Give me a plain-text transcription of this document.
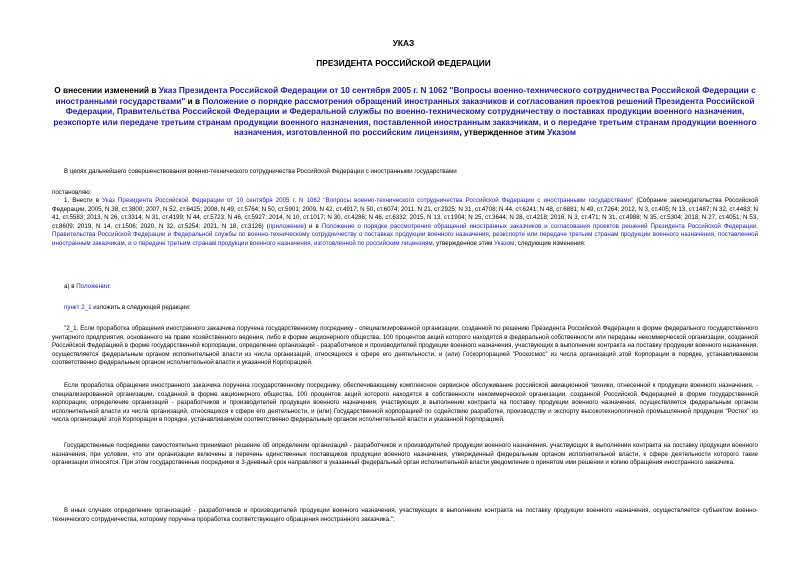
УКАЗ
ПРЕЗИДЕНТА РОССИЙСКОЙ ФЕДЕРАЦИИ
О внесении изменений в Указ Президента Российской Федерации от 10 сентября 2005 г. N 1062 "Вопросы военно-технического сотрудничества Российской Федерации с иностранными государствами" и в Положение о порядке рассмотрения обращений иностранных заказчиков и согласования проектов решений Президента Российской Федерации, Правительства Российской Федерации и Федеральной службы по военно-техническому сотрудничеству о поставках продукции военного назначения, реэкспорте или передаче третьим странам продукции военного назначения, поставленной иностранным заказчикам, и о передаче третьим странам продукции военного назначения, изготовленной по российским лицензиям, утвержденное этим Указом
В целях дальнейшего совершенствования военно-технического сотрудничества Российской Федерации с иностранными государствами
постановляю:
1. Внести в Указ Президента Российской Федерации от 10 сентября 2005 г. N 1062 "Вопросы военно-технического сотрудничества Российской Федерации с иностранными государствами" (Собрание законодательства Российской Федерации, 2005, N 38, ст.3800; 2007, N 52, ст.6425; 2008, N 49, ст.5764; N 50, ст.5901; 2009, N 42, ст.4917; N 50, ст.6074; 2011, N 21, ст.2925; N 31, ст.4708; N 44, ст.6241; N 48, ст.6881; N 49, ст.7264; 2012, N 3, ст.405; N 13, ст.1487; N 32, ст.4483; N 41, ст.5583; 2013, N 26, ст.3314; N 31, ст.4199; N 44, ст.5723; N 46, ст.5927; 2014, N 10, ст.1017; N 30, ст.4286; N 46, ст.6332; 2015, N 13, ст.1904; N 25, ст.3644; N 28, ст.4218; 2016, N 3, ст.471; N 31, ст.4988; N 35, ст.5304; 2018, N 27, ст.4051; N 53, ст.8609; 2019, N 14, ст.1506; 2020, N 32, ст.5254; 2021, N 18, ст.3126) (приложение) и в Положение о порядке рассмотрения обращений иностранных заказчиков и согласования проектов решений Президента Российской Федерации, Правительства Российской Федерации и Федеральной службы по военно-техническому сотрудничеству о поставках продукции военного назначения, реэкспорте или передаче третьим странам продукции военного назначения, поставленной иностранным заказчикам, и о передаче третьим странам продукции военного назначения, изготовленной по российским лицензиям, утвержденное этим Указом, следующие изменения:
а) в Положении:
пункт 2_1 изложить в следующей редакции:
"2_1. Если проработка обращения иностранного заказчика поручена государственному посреднику - специализированной организации, созданной по решению Президента Российской Федерации в форме федерального государственного унитарного предприятия, основанного на праве хозяйственного ведения, либо в форме акционерного общества, 100 процентов акций которого находятся в федеральной собственности или переданы некоммерческой организации, созданной Российской Федерацией в форме государственной корпорации, определение организаций - разработчиков и производителей продукции военного назначения, участвующих в выполнении контракта на поставку продукции военного назначения, осуществляется федеральным органом исполнительной власти из числа организаций, относящихся к сфере его деятельности, и (или) Госкорпорацией "Роскосмос" из числа организаций этой Корпорации в порядке, устанавливаемом соответственно федеральным органом исполнительной власти и указанной Корпорацией.
Если проработка обращения иностранного заказчика поручена государственному посреднику, обеспечивающему комплексное сервисное обслуживание российской авиационной техники, отнесенной к продукции военного назначения, - специализированной организации, созданной в форме акционерного общества, 100 процентов акций которого находятся в собственности некоммерческой организации, созданной Российской Федерацией в форме государственной корпорации, определение организаций - разработчиков и производителей продукции военного назначения, участвующих в выполнении контракта на поставку продукции военного назначения, осуществляется федеральным органом исполнительной власти из числа организаций, относящихся к сфере его деятельности, и (или) Государственной корпорацией по содействию разработке, производству и экспорту высокотехнологичной промышленной продукции "Ростех" из числа организаций этой Корпорации в порядке, устанавливаемом соответственно федеральным органом исполнительной власти и указанной Корпорацией.
Государственные посредники самостоятельно принимают решение об определении организаций - разработчиков и производителей продукции военного назначения, участвующих в выполнении контракта на поставку продукции военного назначения, при условии, что эти организации включены в перечень единственных поставщиков продукции военного назначения, утвержденный федеральным органом исполнительной власти, к сфере деятельности которого такие организации относятся. При этом государственные посредники в 3-дневный срок направляют в указанный федеральный орган исполнительной власти уведомление о принятом ими решении и копию обращения иностранного заказчика.
В иных случаях определение организаций - разработчиков и производителей продукции военного назначения, участвующих в выполнении контракта на поставку продукции военного назначения, осуществляется субъектом военно-технического сотрудничества, которому поручена проработка соответствующего обращения иностранного заказчика.";
